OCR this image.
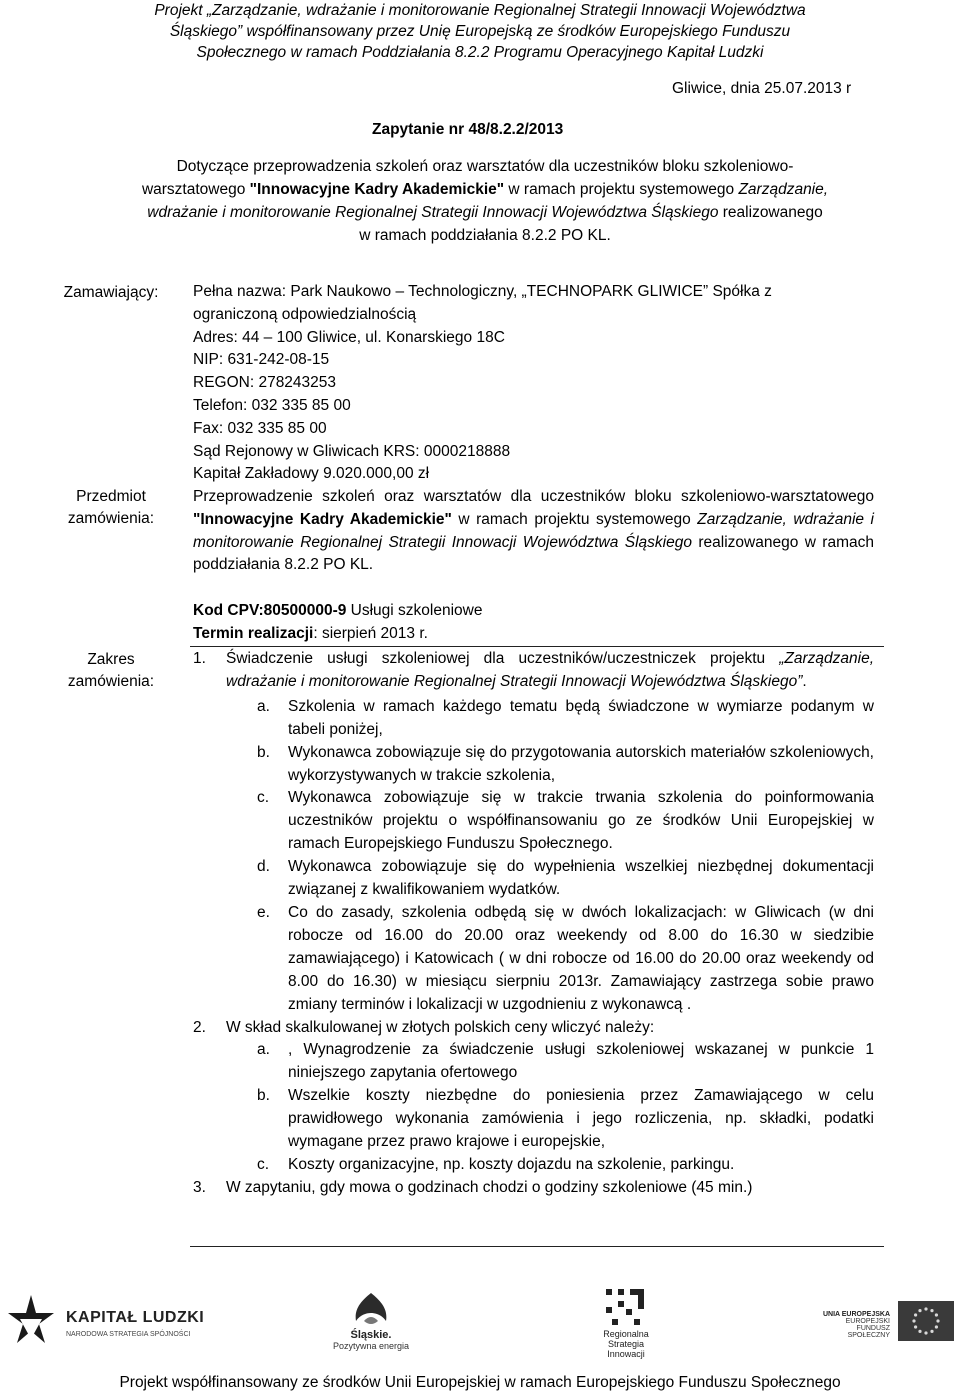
Projekt „Zarządzanie, wdrażanie i monitorowanie Regionalnej Strategii Innowacji Województwa
Śląskiego” współfinansowany przez Unię Europejską ze środków Europejskiego Funduszu
Społecznego w ramach Poddziałania 8.2.2 Programu Operacyjnego Kapitał Ludzki
Gliwice, dnia 25.07.2013 r
Zapytanie nr 48/8.2.2/2013
Dotyczące przeprowadzenia szkoleń oraz warsztatów dla uczestników bloku szkoleniowo-
warsztatowego "Innowacyjne Kadry Akademickie" w ramach projektu systemowego Zarządzanie,
wdrażanie i monitorowanie Regionalnej Strategii Innowacji Województwa Śląskiego realizowanego
w ramach poddziałania 8.2.2 PO KL.
Zamawiający:	Pełna nazwa: Park Naukowo – Technologiczny, „TECHNOPARK GLIWICE” Spółka z
ograniczoną odpowiedzialnością
Adres: 44 – 100 Gliwice, ul. Konarskiego 18C
NIP: 631-242-08-15
REGON: 278243253
Telefon: 032 335 85 00
Fax: 032 335 85 00
Sąd Rejonowy w Gliwicach KRS: 0000218888
Kapitał Zakładowy 9.020.000,00 zł
Przedmiot
zamówienia:
Przeprowadzenie szkoleń oraz warsztatów dla uczestników bloku szkoleniowo-warsztatowego "Innowacyjne Kadry Akademickie" w ramach projektu systemowego Zarządzanie, wdrażanie i monitorowanie Regionalnej Strategii Innowacji Województwa Śląskiego realizowanego w ramach poddziałania 8.2.2 PO KL.
Kod CPV:80500000-9 Usługi szkoleniowe
Termin realizacji: sierpień 2013 r.
Zakres
zamówienia:
1.	Świadczenie usługi szkoleniowej dla uczestników/uczestniczek projektu „Zarządzanie, wdrażanie i monitorowanie Regionalnej Strategii Innowacji Województwa Śląskiego”.
a. Szkolenia w ramach każdego tematu będą świadczone w wymiarze podanym w tabeli poniżej,
b. Wykonawca zobowiązuje się do przygotowania autorskich materiałów szkoleniowych, wykorzystywanych w trakcie szkolenia,
c. Wykonawca zobowiązuje się w trakcie trwania szkolenia do poinformowania uczestników projektu o współfinansowaniu go ze środków Unii Europejskiej w ramach Europejskiego Funduszu Społecznego.
d. Wykonawca zobowiązuje się do wypełnienia wszelkiej niezbędnej dokumentacji związanej z kwalifikowaniem wydatków.
e. Co do zasady, szkolenia odbędą się w dwóch lokalizacjach: w Gliwicach (w dni robocze od 16.00 do 20.00 oraz weekendy od 8.00 do 16.30 w siedzibie zamawiającego) i Katowicach ( w dni robocze od 16.00 do 20.00 oraz weekendy od 8.00 do 16.30) w miesiącu sierpniu 2013r. Zamawiający zastrzega sobie prawo zmiany terminów i lokalizacji w uzgodnieniu z wykonawcą .
2.	W skład skalkulowanej w złotych polskich ceny wliczyć należy:
a. , Wynagrodzenie za świadczenie usługi szkoleniowej wskazanej w punkcie 1 niniejszego zapytania ofertowego
b. Wszelkie koszty niezbędne do poniesienia przez Zamawiającego w celu prawidłowego wykonania zamówienia i jego rozliczenia, np. składki, podatki wymagane przez prawo krajowe i europejskie,
c. Koszty organizacyjne, np. koszty dojazdu na szkolenie, parkingu.
3.	W zapytaniu, gdy mowa o godzinach chodzi o godziny szkoleniowe (45 min.)
KAPITAŁ LUDZKI
NARODOWA STRATEGIA SPÓJNOŚCI	Śląskie.
Pozytywna energia
Regionalna
Strategia
Innowacji
UNIA EUROPEJSKA
EUROPEJSKI
FUNDUSZ SPOŁECZNY
Projekt współfinansowany ze środków Unii Europejskiej w ramach Europejskiego Funduszu Społecznego
